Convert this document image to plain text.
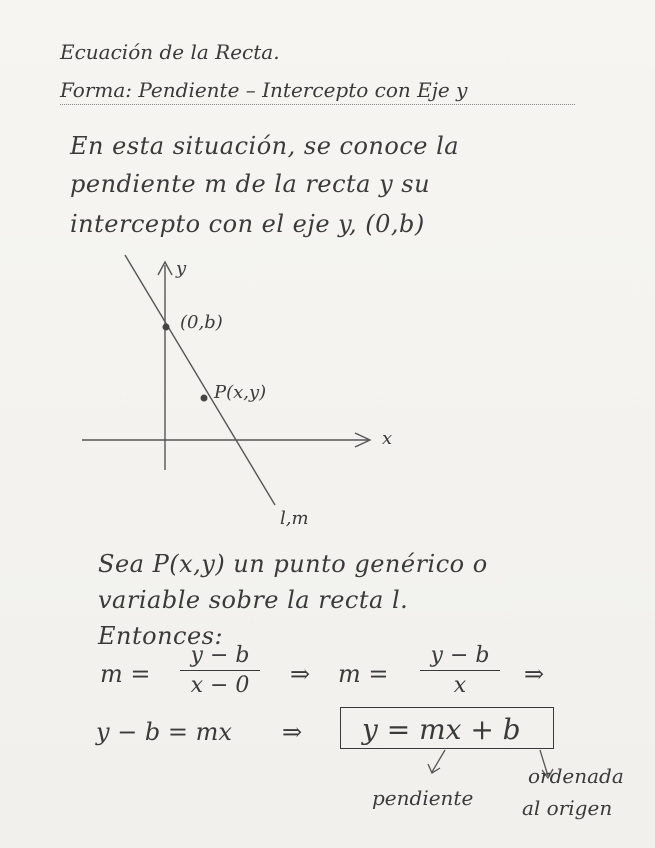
Ecuación de la Recta.
Forma: Pendiente – Intercepto con Eje y
En esta situación, se conoce la
pendiente m de la recta y su
intercepto con el eje y, (0,b)
y
x
(0,b)
P(x,y)
l,m
Sea P(x,y) un punto genérico o
variable sobre la recta l.
Entonces:
m =
y − b
x − 0	⇒ m =
y − b
x	⇒
y − b = mx ⇒ y = mx + b
pendiente
ordenada
al origen
